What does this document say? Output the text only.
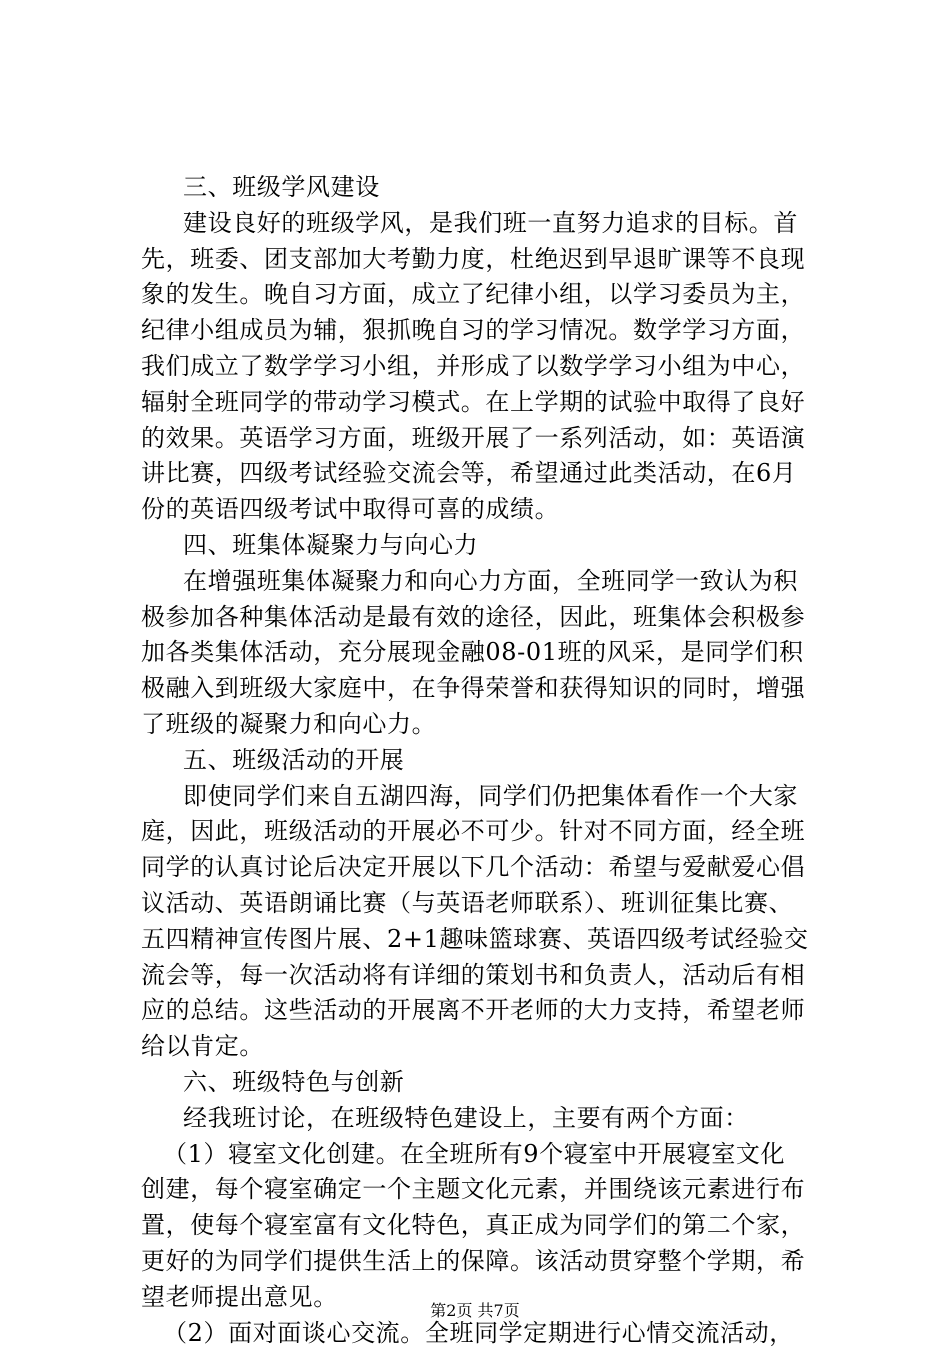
三、班级学风建设
建设良好的班级学风，是我们班一直努力追求的目标。首
先，班委、团支部加大考勤力度，杜绝迟到早退旷课等不良现
象的发生。晚自习方面，成立了纪律小组，以学习委员为主，
纪律小组成员为辅，狠抓晚自习的学习情况。数学学习方面，
我们成立了数学学习小组，并形成了以数学学习小组为中心，
辐射全班同学的带动学习模式。在上学期的试验中取得了良好
的效果。英语学习方面，班级开展了一系列活动，如：英语演
讲比赛，四级考试经验交流会等，希望通过此类活动，在6月
份的英语四级考试中取得可喜的成绩。
四、班集体凝聚力与向心力
在增强班集体凝聚力和向心力方面，全班同学一致认为积
极参加各种集体活动是最有效的途径，因此，班集体会积极参
加各类集体活动，充分展现金融08-01班的风采，是同学们积
极融入到班级大家庭中，在争得荣誉和获得知识的同时，增强
了班级的凝聚力和向心力。
五、班级活动的开展
即使同学们来自五湖四海，同学们仍把集体看作一个大家
庭，因此，班级活动的开展必不可少。针对不同方面，经全班
同学的认真讨论后决定开展以下几个活动：希望与爱献爱心倡
议活动、英语朗诵比赛（与英语老师联系）、班训征集比赛、
五四精神宣传图片展、2+1趣味篮球赛、英语四级考试经验交
流会等，每一次活动将有详细的策划书和负责人，活动后有相
应的总结。这些活动的开展离不开老师的大力支持，希望老师
给以肯定。
六、班级特色与创新
经我班讨论，在班级特色建设上，主要有两个方面：
（1）寝室文化创建。在全班所有9个寝室中开展寝室文化
创建，每个寝室确定一个主题文化元素，并围绕该元素进行布
置，使每个寝室富有文化特色，真正成为同学们的第二个家，
更好的为同学们提供生活上的保障。该活动贯穿整个学期，希
望老师提出意见。
（2）面对面谈心交流。全班同学定期进行心情交流活动，
第2页 共7页
